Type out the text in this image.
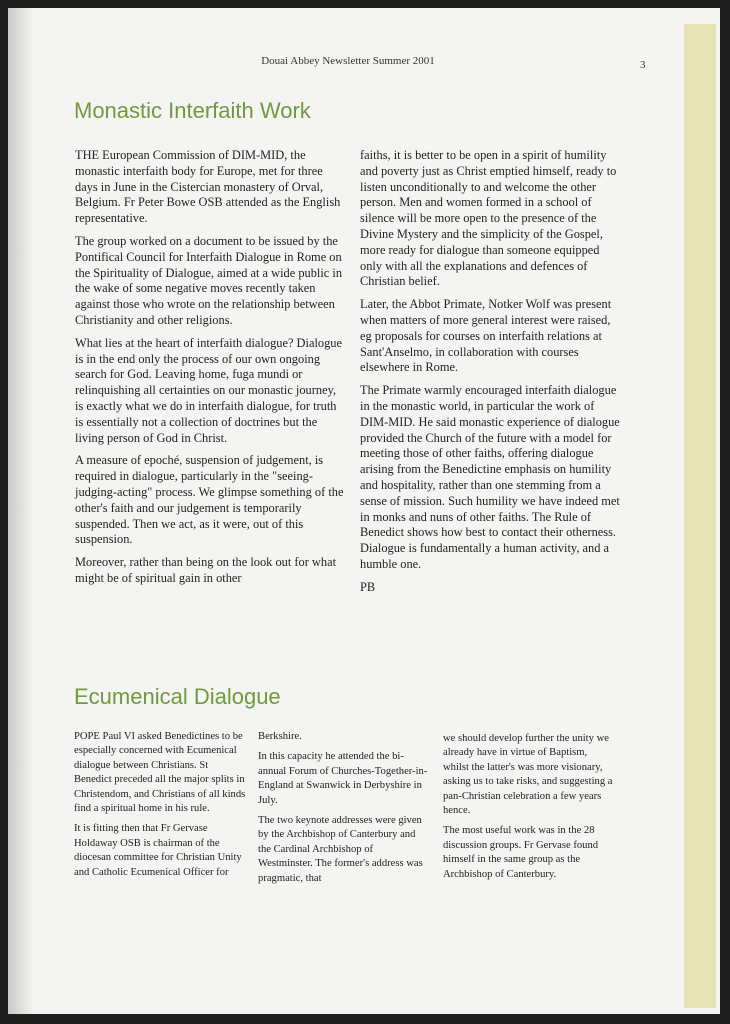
Douai Abbey Newsletter Summer 2001	3
Monastic Interfaith Work

THE European Commission of DIM-MID, the monastic interfaith body for Europe, met for three days in June in the Cistercian monastery of Orval, Belgium. Fr Peter Bowe OSB attended as the English representative.

The group worked on a document to be issued by the Pontifical Council for Interfaith Dialogue in Rome on the Spirituality of Dialogue, aimed at a wide public in the wake of some negative moves recently taken against those who wrote on the relationship between Christianity and other religions.

What lies at the heart of interfaith dialogue? Dialogue is in the end only the process of our own ongoing search for God. Leaving home, fuga mundi or relinquishing all certainties on our monastic journey, is exactly what we do in interfaith dialogue, for truth is essentially not a collection of doctrines but the living person of God in Christ.

A measure of epoché, suspension of judgement, is required in dialogue, particularly in the "seeing-judging-acting" process. We glimpse something of the other's faith and our judgement is temporarily suspended. Then we act, as it were, out of this suspension.

Moreover, rather than being on the look out for what might be of spiritual gain in other

faiths, it is better to be open in a spirit of humility and poverty just as Christ emptied himself, ready to listen unconditionally to and welcome the other person. Men and women formed in a school of silence will be more open to the presence of the Divine Mystery and the simplicity of the Gospel, more ready for dialogue than someone equipped only with all the explanations and defences of Christian belief.

Later, the Abbot Primate, Notker Wolf was present when matters of more general interest were raised, eg proposals for courses on interfaith relations at Sant'Anselmo, in collaboration with courses elsewhere in Rome.

The Primate warmly encouraged interfaith dialogue in the monastic world, in particular the work of DIM-MID. He said monastic experience of dialogue provided the Church of the future with a model for meeting those of other faiths, offering dialogue arising from the Benedictine emphasis on humility and hospitality, rather than one stemming from a sense of mission. Such humility we have indeed met in monks and nuns of other faiths. The Rule of Benedict shows how best to contact their otherness. Dialogue is fundamentally a human activity, and a humble one.

PB

Ecumenical Dialogue

POPE Paul VI asked Benedictines to be especially concerned with Ecumenical dialogue between Christians. St Benedict preceded all the major splits in Christendom, and Christians of all kinds find a spiritual home in his rule.

It is fitting then that Fr Gervase Holdaway OSB is chairman of the diocesan committee for Christian Unity and Catholic Ecumenical Officer for

Berkshire.

In this capacity he attended the bi-annual Forum of Churches-Together-in-England at Swanwick in Derbyshire in July.

The two keynote addresses were given by the Archbishop of Canterbury and the Cardinal Archbishop of Westminster. The former's address was pragmatic, that

we should develop further the unity we already have in virtue of Baptism, whilst the latter's was more visionary, asking us to take risks, and suggesting a pan-Christian celebration a few years hence.

The most useful work was in the 28 discussion groups. Fr Gervase found himself in the same group as the Archbishop of Canterbury.
